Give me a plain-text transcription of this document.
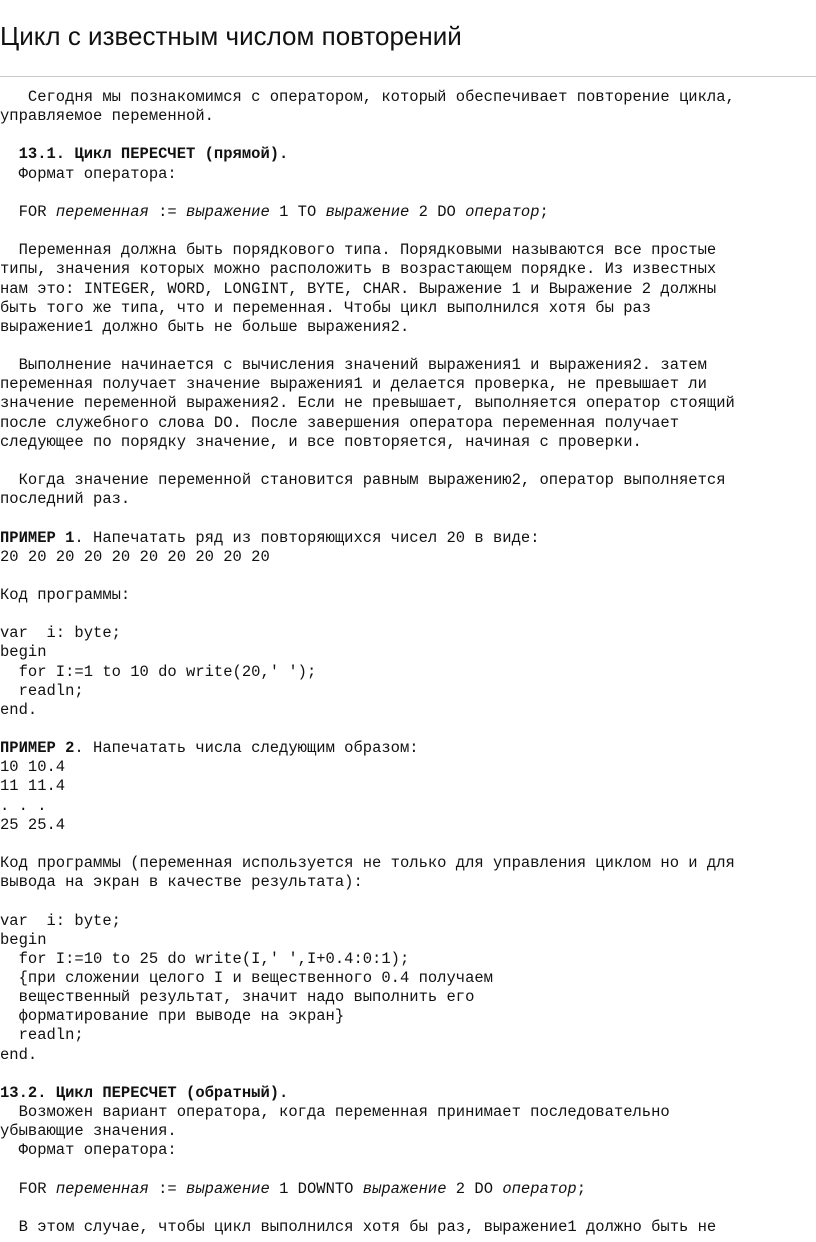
Цикл с известным числом повторений

Сегодня мы познакомимся с оператором, который обеспечивает повторение цикла,

управляемое переменной.

13.1. Цикл ПЕРЕСЧЕТ (прямой).

Формат оператора:

FOR переменная := выражение 1 TO выражение 2 DO оператор;

Переменная должна быть порядкового типа. Порядковыми называются все простые

типы, значения которых можно расположить в возрастающем порядке. Из известных

нам это: INTEGER, WORD, LONGINT, BYTE, CHAR. Выражение 1 и Выражение 2 должны

быть того же типа, что и переменная. Чтобы цикл выполнился хотя бы раз

выражение1 должно быть не больше выражения2.

Выполнение начинается с вычисления значений выражения1 и выражения2. затем

переменная получает значение выражения1 и делается проверка, не превышает ли

значение переменной выражения2. Если не превышает, выполняется оператор стоящий

после служебного слова DO. После завершения оператора переменная получает

следующее по порядку значение, и все повторяется, начиная с проверки.

Когда значение переменной становится равным выражению2, оператор выполняется

последний раз.

ПРИМЕР 1. Напечатать ряд из повторяющихся чисел 20 в виде:

20 20 20 20 20 20 20 20 20 20

Код программы:

var  i: byte;

begin

for I:=1 to 10 do write(20,' ');

readln;

end.

ПРИМЕР 2. Напечатать числа следующим образом:

10 10.4

11 11.4

. . .

25 25.4

Код программы (переменная используется не только для управления циклом но и для

вывода на экран в качестве результата):

var  i: byte;

begin

for I:=10 to 25 do write(I,' ',I+0.4:0:1);

{при сложении целого I и вещественного 0.4 получаем

вещественный результат, значит надо выполнить его

форматирование при выводе на экран}

readln;

end.

13.2. Цикл ПЕРЕСЧЕТ (обратный).

Возможен вариант оператора, когда переменная принимает последовательно

убывающие значения.

Формат оператора:

FOR переменная := выражение 1 DOWNTO выражение 2 DO оператор;

В этом случае, чтобы цикл выполнился хотя бы раз, выражение1 должно быть не
